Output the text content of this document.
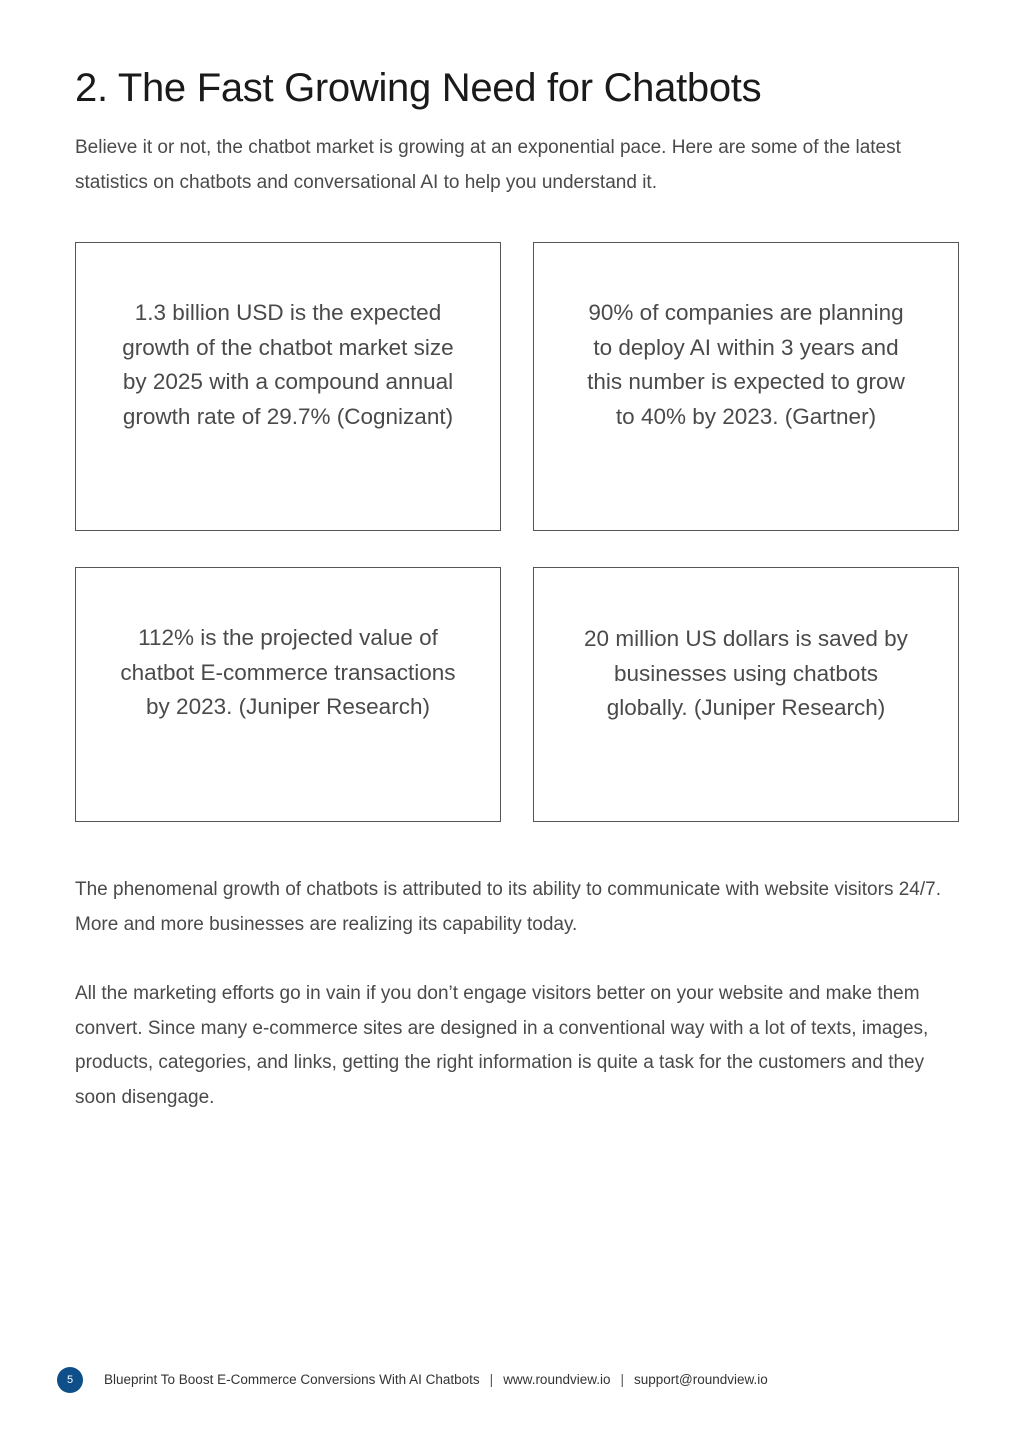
2. The Fast Growing Need for Chatbots

Believe it or not, the chatbot market is growing at an exponential pace. Here are some of the latest statistics on chatbots and conversational AI to help you understand it.

1.3 billion USD is the expected growth of the chatbot market size by 2025 with a compound annual growth rate of 29.7% (Cognizant)

90% of companies are planning to deploy AI within 3 years and this number is expected to grow to 40% by 2023. (Gartner)

112% is the projected value of chatbot E-commerce transactions by 2023. (Juniper Research)

20 million US dollars is saved by businesses using chatbots globally. (Juniper Research)

The phenomenal growth of chatbots is attributed to its ability to communicate with website visitors 24/7. More and more businesses are realizing its capability today.

All the marketing efforts go in vain if you don’t engage visitors better on your website and make them convert. Since many e-commerce sites are designed in a conventional way with a lot of texts, images, products, categories, and links, getting the right information is quite a task for the customers and they soon disengage.

5	Blueprint To Boost E-Commerce Conversions With AI Chatbots | www.roundview.io | support@roundview.io
